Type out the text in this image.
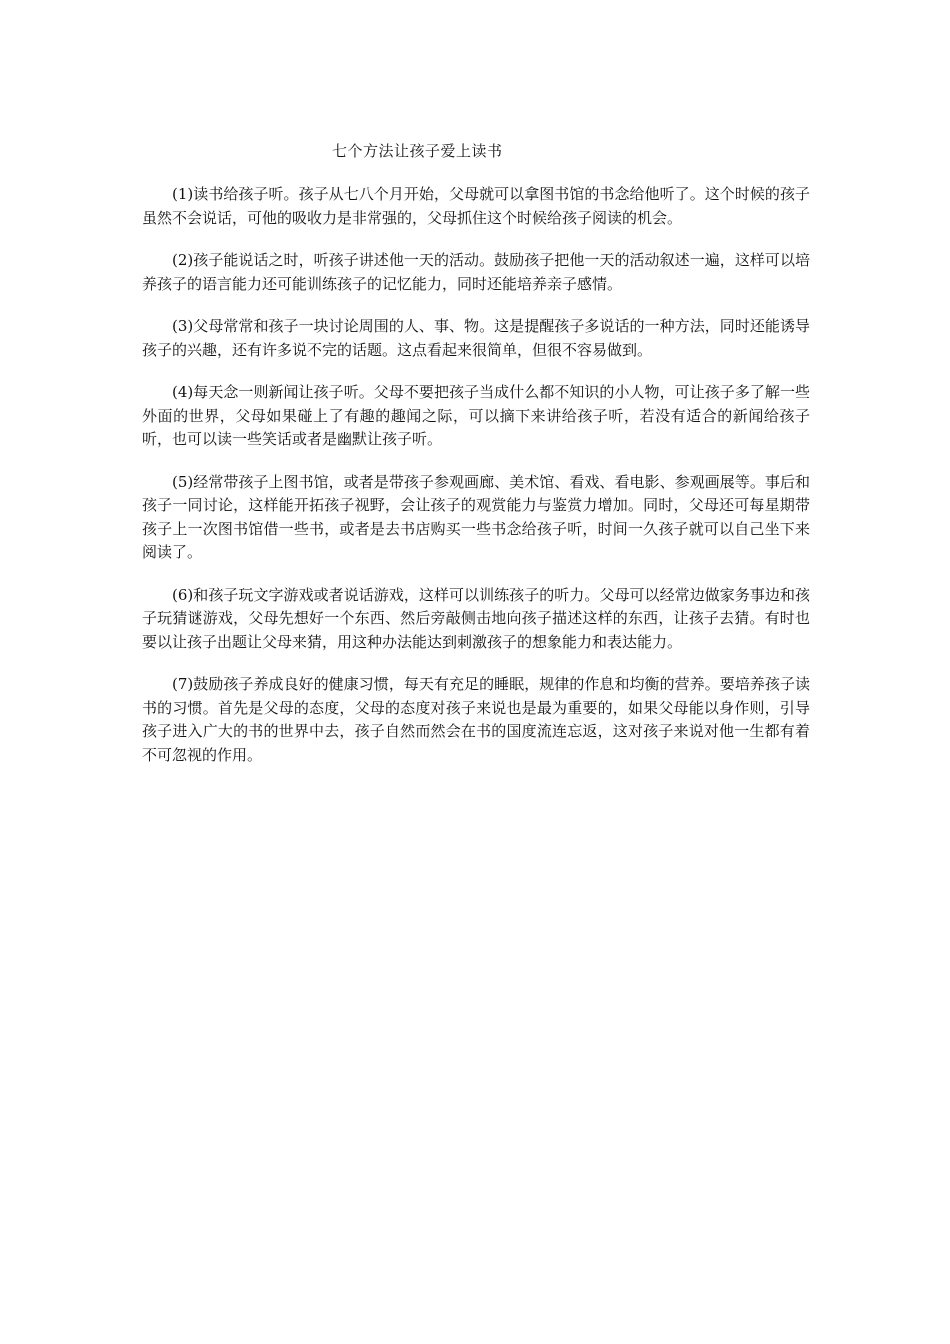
七个方法让孩子爱上读书

(1)读书给孩子听。孩子从七八个月开始，父母就可以拿图书馆的书念给他听了。这个时候的孩子虽然不会说话，可他的吸收力是非常强的，父母抓住这个时候给孩子阅读的机会。

(2)孩子能说话之时，听孩子讲述他一天的活动。鼓励孩子把他一天的活动叙述一遍，这样可以培养孩子的语言能力还可能训练孩子的记忆能力，同时还能培养亲子感情。

(3)父母常常和孩子一块讨论周围的人、事、物。这是提醒孩子多说话的一种方法，同时还能诱导孩子的兴趣，还有许多说不完的话题。这点看起来很简单，但很不容易做到。

(4)每天念一则新闻让孩子听。父母不要把孩子当成什么都不知识的小人物，可让孩子多了解一些外面的世界，父母如果碰上了有趣的趣闻之际，可以摘下来讲给孩子听，若没有适合的新闻给孩子听，也可以读一些笑话或者是幽默让孩子听。

(5)经常带孩子上图书馆，或者是带孩子参观画廊、美术馆、看戏、看电影、参观画展等。事后和孩子一同讨论，这样能开拓孩子视野，会让孩子的观赏能力与鉴赏力增加。同时，父母还可每星期带孩子上一次图书馆借一些书，或者是去书店购买一些书念给孩子听，时间一久孩子就可以自己坐下来阅读了。

(6)和孩子玩文字游戏或者说话游戏，这样可以训练孩子的听力。父母可以经常边做家务事边和孩子玩猜谜游戏，父母先想好一个东西、然后旁敲侧击地向孩子描述这样的东西，让孩子去猜。有时也要以让孩子出题让父母来猜，用这种办法能达到刺激孩子的想象能力和表达能力。

(7)鼓励孩子养成良好的健康习惯，每天有充足的睡眠，规律的作息和均衡的营养。要培养孩子读书的习惯。首先是父母的态度，父母的态度对孩子来说也是最为重要的，如果父母能以身作则，引导孩子进入广大的书的世界中去，孩子自然而然会在书的国度流连忘返，这对孩子来说对他一生都有着不可忽视的作用。
